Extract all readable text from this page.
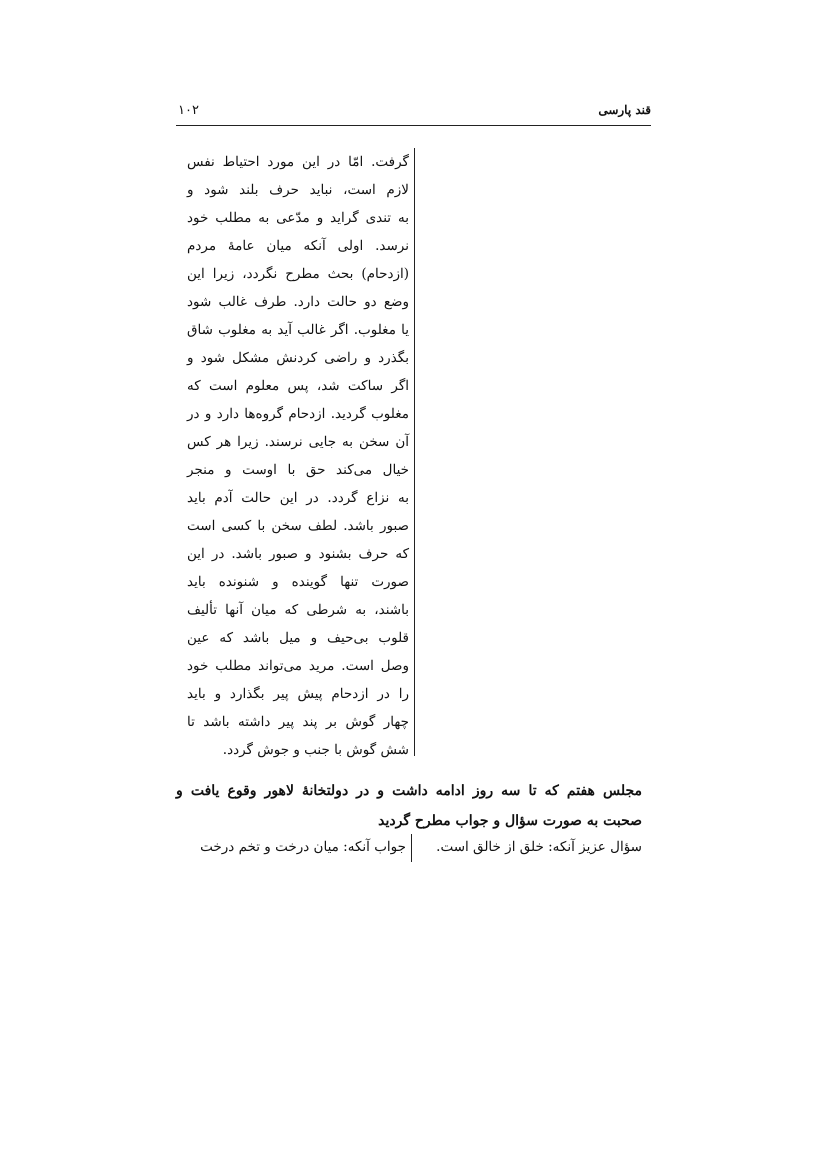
قند پارسی
۱۰۲
گرفت. امّا در این مورد احتیاط نفس
لازم است، نباید حرف بلند شود و
به تندی گراید و مدّعی به مطلب خود
نرسد. اولی آنکه میان عامهٔ مردم
(ازدحام) بحث مطرح نگردد، زیرا این
وضع دو حالت دارد. طرف غالب شود
یا مغلوب. اگر غالب آید به مغلوب شاق
بگذرد و راضی کردنش مشکل شود و
اگر ساکت شد، پس معلوم است که
مغلوب گردید. ازدحام گروه‌ها دارد و در
آن سخن به جایی نرسند. زیرا هر کس
خیال می‌کند حق با اوست و منجر
به نزاع گردد. در این حالت آدم باید
صبور باشد. لطف سخن با کسی است
که حرف بشنود و صبور باشد. در این
صورت تنها گوینده و شنونده باید
باشند، به شرطی که میان آنها تألیف
قلوب بی‌حیف و میل باشد که عین
وصل است. مرید می‌تواند مطلب خود
را در ازدحام پیش پیر بگذارد و باید
چهار گوش بر پند پیر داشته باشد تا
شش گوش با جنب و جوش گردد.
مجلس هفتم که تا سه روز ادامه داشت و در دولتخانهٔ لاهور وقوع یافت و
صحبت به صورت سؤال و جواب مطرح گردید
سؤال عزیز آنکه: خلق از خالق است.
جواب آنکه: میان درخت و تخم درخت
